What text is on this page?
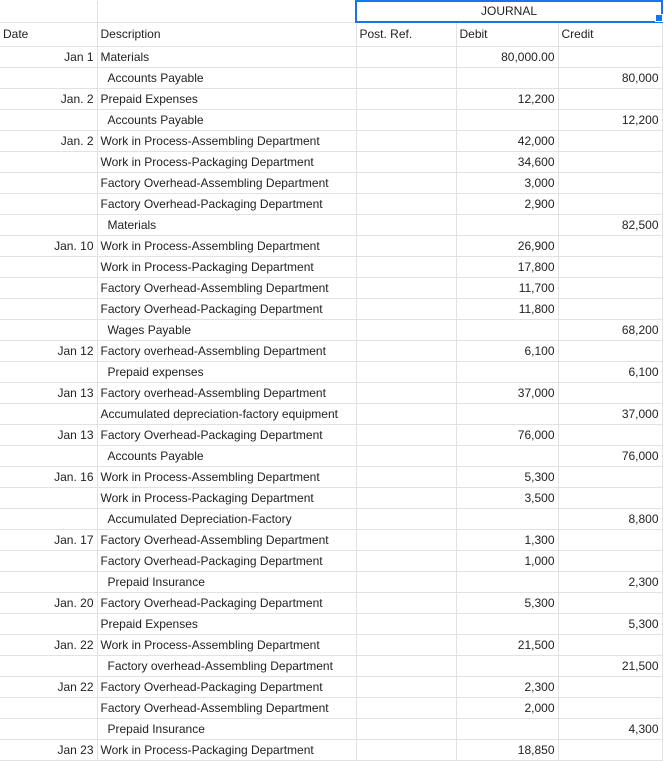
		JOURNAL		
Date	Description	Post. Ref.	Debit	Credit
Jan 1	Materials		80,000.00	
	Accounts Payable			80,000
Jan. 2	Prepaid Expenses		12,200	
	Accounts Payable			12,200
Jan. 2	Work in Process-Assembling Department		42,000	
	Work in Process-Packaging Department		34,600	
	Factory Overhead-Assembling Department		3,000	
	Factory Overhead-Packaging Department		2,900	
	Materials			82,500
Jan. 10	Work in Process-Assembling Department		26,900	
	Work in Process-Packaging Department		17,800	
	Factory Overhead-Assembling Department		11,700	
	Factory Overhead-Packaging Department		11,800	
	Wages Payable			68,200
Jan 12	Factory overhead-Assembling Department		6,100	
	Prepaid expenses			6,100
Jan 13	Factory overhead-Assembling Department		37,000	
	Accumulated depreciation-factory equipment			37,000
Jan 13	Factory Overhead-Packaging Department		76,000	
	Accounts Payable			76,000
Jan. 16	Work in Process-Assembling Department		5,300	
	Work in Process-Packaging Department		3,500	
	Accumulated Depreciation-Factory			8,800
Jan. 17	Factory Overhead-Assembling Department		1,300	
	Factory Overhead-Packaging Department		1,000	
	Prepaid Insurance			2,300
Jan. 20	Factory Overhead-Packaging Department		5,300	
	Prepaid Expenses			5,300
Jan. 22	Work in Process-Assembling Department		21,500	
	Factory overhead-Assembling Department			21,500
Jan 22	Factory Overhead-Packaging Department		2,300	
	Factory Overhead-Assembling Department		2,000	
	Prepaid Insurance			4,300
Jan 23	Work in Process-Packaging Department		18,850	
